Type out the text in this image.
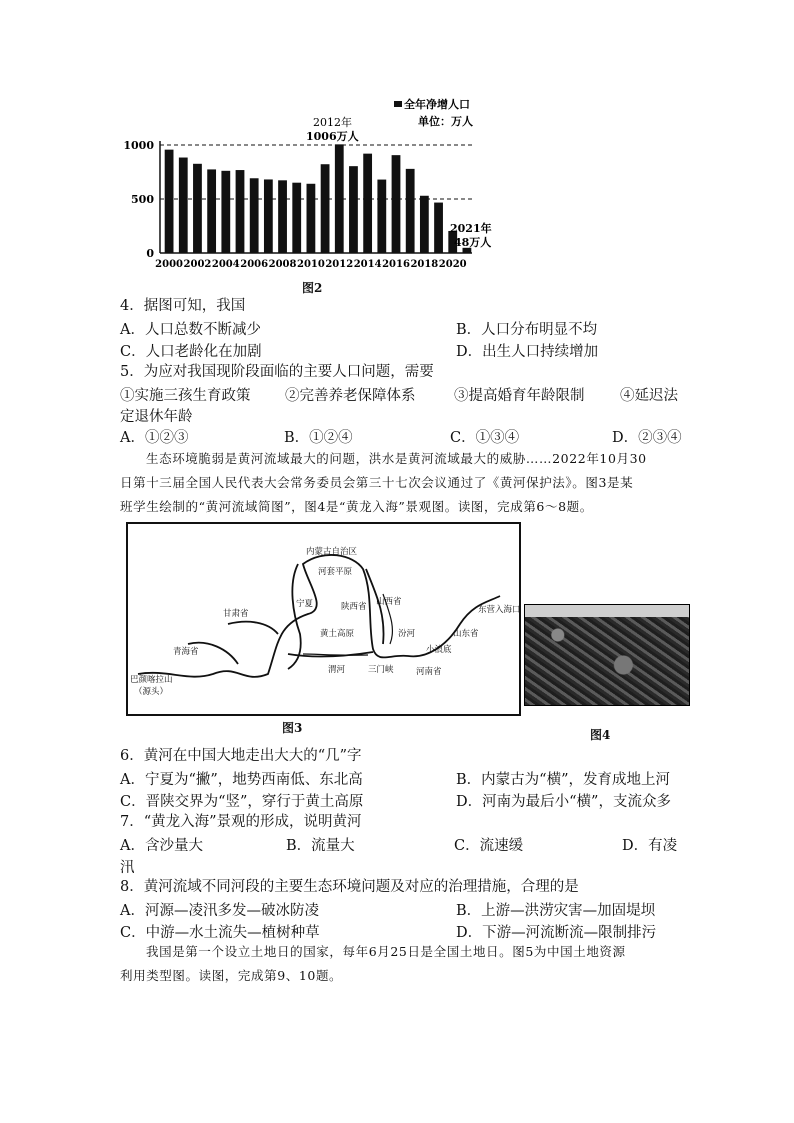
0
500
1000
2000 2002 2004 2006 2008 2010 2012 2014 2016 2018 2020
全年净增人口
单位：万人
2012年
1006万人
2021年
48万人
图2
4．据图可知，我国
A．人口总数不断减少	B．人口分布明显不均
C．人口老龄化在加剧	D．出生人口持续增加
5．为应对我国现阶段面临的主要人口问题，需要
①实施三孩生育政策 ②完善养老保障体系	③提高婚育年龄限制 ④延迟法
定退休年龄
A．①②③	B．①②④	C．①③④	D．②③④
生态环境脆弱是黄河流域最大的问题，洪水是黄河流域最大的威胁……2022年10月30
日第十三届全国人民代表大会常务委员会第三十七次会议通过了《黄河保护法》。图3是某
班学生绘制的“黄河流域简图”，图4是“黄龙入海”景观图。读图，完成第6～8题。
内蒙古自治区
河套平原
宁夏
甘肃省
青海省
巴颜喀拉山
（源头）
山西省
陕西省
黄土高原
渭河	三门峡
汾河
河南省
山东省
小浪底
东营入海口
图3	图4
6．黄河在中国大地走出大大的“几”字
A．宁夏为“撇”，地势西南低、东北高	B．内蒙古为“横”，发育成地上河
C．晋陕交界为“竖”，穿行于黄土高原	D．河南为最后小“横”，支流众多
7．“黄龙入海”景观的形成，说明黄河
A．含沙量大	B．流量大	C．流速缓	D．有凌
汛
8．黄河流域不同河段的主要生态环境问题及对应的治理措施，合理的是
A．河源—凌汛多发—破冰防凌	B．上游—洪涝灾害—加固堤坝
C．中游—水土流失—植树种草	D．下游—河流断流—限制排污
我国是第一个设立土地日的国家，每年6月25日是全国土地日。图5为中国土地资源
利用类型图。读图，完成第9、10题。
